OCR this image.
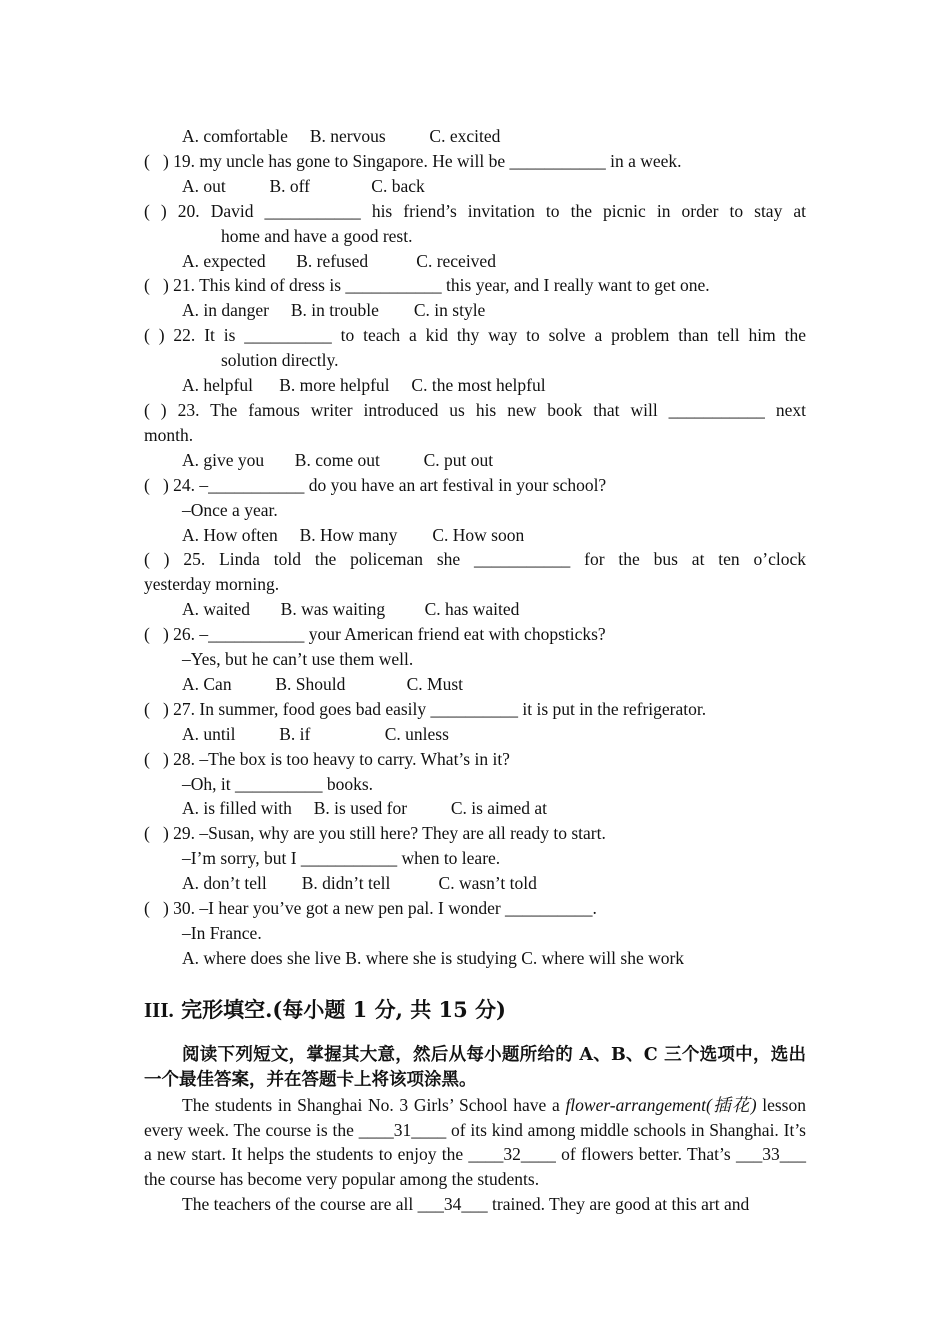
A. comfortable B. nervous	C. excited
(   ) 19. my uncle has gone to Singapore. He will be ___________ in a week.
A. out	B. off	C. back
( ) 20. David ___________ his friend’s invitation to the picnic in order to stay at
home and have a good rest.
A. expected B. refused	C. received
(   ) 21. This kind of dress is ___________ this year, and I really want to get one.
A. in danger B. in trouble C. in style
( ) 22. It is __________ to teach a kid thy way to solve a problem than tell him the
solution directly.
A. helpful B. more helpful C. the most helpful
( ) 23. The famous writer introduced us his new book that will ___________ next
month.
A. give you B. come out	C. put out
(   ) 24. –___________ do you have an art festival in your school?
–Once a year.
A. How often B. How many C. How soon
( ) 25. Linda told the policeman she ___________ for the bus at ten o’clock
yesterday morning.
A. waited B. was waiting C. has waited
(   ) 26. –___________ your American friend eat with chopsticks?
–Yes, but he can’t use them well.
A. Can	B. Should	C. Must
(   ) 27. In summer, food goes bad easily __________ it is put in the refrigerator.
A. until	B. if	C. unless
(   ) 28. –The box is too heavy to carry. What’s in it?
–Oh, it __________ books.
A. is filled with B. is used for	C. is aimed at
(   ) 29. –Susan, why are you still here? They are all ready to start.
–I’m sorry, but I ___________ when to leare.
A. don’t tell B. didn’t tell	C. wasn’t told
(   ) 30. –I hear you’ve got a new pen pal. I wonder __________.
–In France.
A. where does she live B. where she is studying C. where will she work
III. 完形填空.(每小题 1 分, 共 15 分)
阅读下列短文，掌握其大意，然后从每小题所给的 A、B、C 三个选项中，选出一个最佳答案，并在答题卡上将该项涂黑。
The students in Shanghai No. 3 Girls’ School have a flower-arrangement(插花) lesson every week. The course is the ____31____ of its kind among middle schools in Shanghai. It’s a new start. It helps the students to enjoy the ____32____ of flowers better. That’s ___33___ the course has become very popular among the students.
The teachers of the course are all ___34___ trained. They are good at this art and
